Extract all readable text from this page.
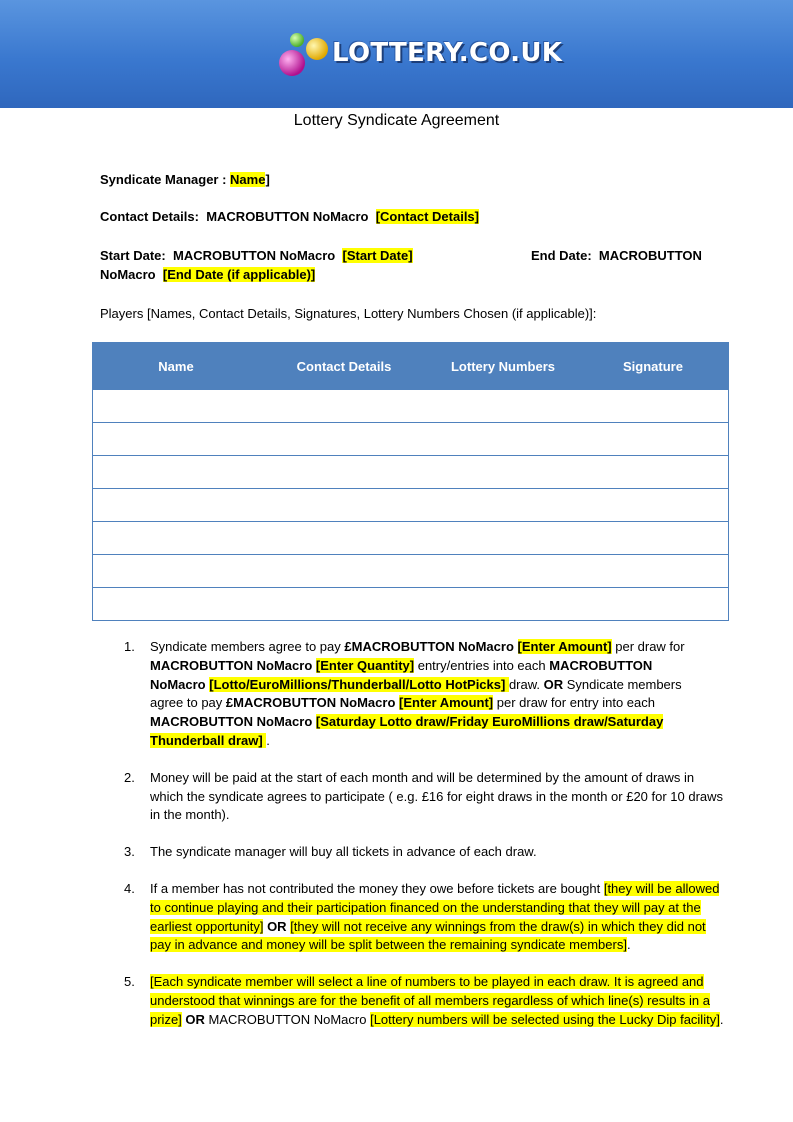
LOTTERY.CO.UK
Lottery Syndicate Agreement
Syndicate Manager : Name]
Contact Details: MACROBUTTON NoMacro [Contact Details]
Start Date: MACROBUTTON NoMacro [Start Date]	End Date: MACROBUTTON
NoMacro [End Date (if applicable)]
Players [Names, Contact Details, Signatures, Lottery Numbers Chosen (if applicable)]:
Name	Contact Details	Lottery Numbers	Signature
1. Syndicate members agree to pay £MACROBUTTON NoMacro [Enter Amount] per draw for
MACROBUTTON NoMacro [Enter Quantity] entry/entries into each MACROBUTTON
NoMacro [Lotto/EuroMillions/Thunderball/Lotto HotPicks] draw. OR Syndicate members
agree to pay £MACROBUTTON NoMacro [Enter Amount] per draw for entry into each
MACROBUTTON NoMacro [Saturday Lotto draw/Friday EuroMillions draw/Saturday Thunderball draw] .
2. Money will be paid at the start of each month and will be determined by the amount of draws in which the syndicate agrees to participate ( e.g. £16 for eight draws in the month or £20 for 10 draws in the month).
3. The syndicate manager will buy all tickets in advance of each draw.
4. If a member has not contributed the money they owe before tickets are bought [they will be allowed to continue playing and their participation financed on the understanding that they will pay at the earliest opportunity] OR [they will not receive any winnings from the draw(s) in which they did not pay in advance and money will be split between the remaining syndicate members].
5. [Each syndicate member will select a line of numbers to be played in each draw. It is agreed and understood that winnings are for the benefit of all members regardless of which line(s) results in a prize] OR MACROBUTTON NoMacro [Lottery numbers will be selected using the Lucky Dip facility].
